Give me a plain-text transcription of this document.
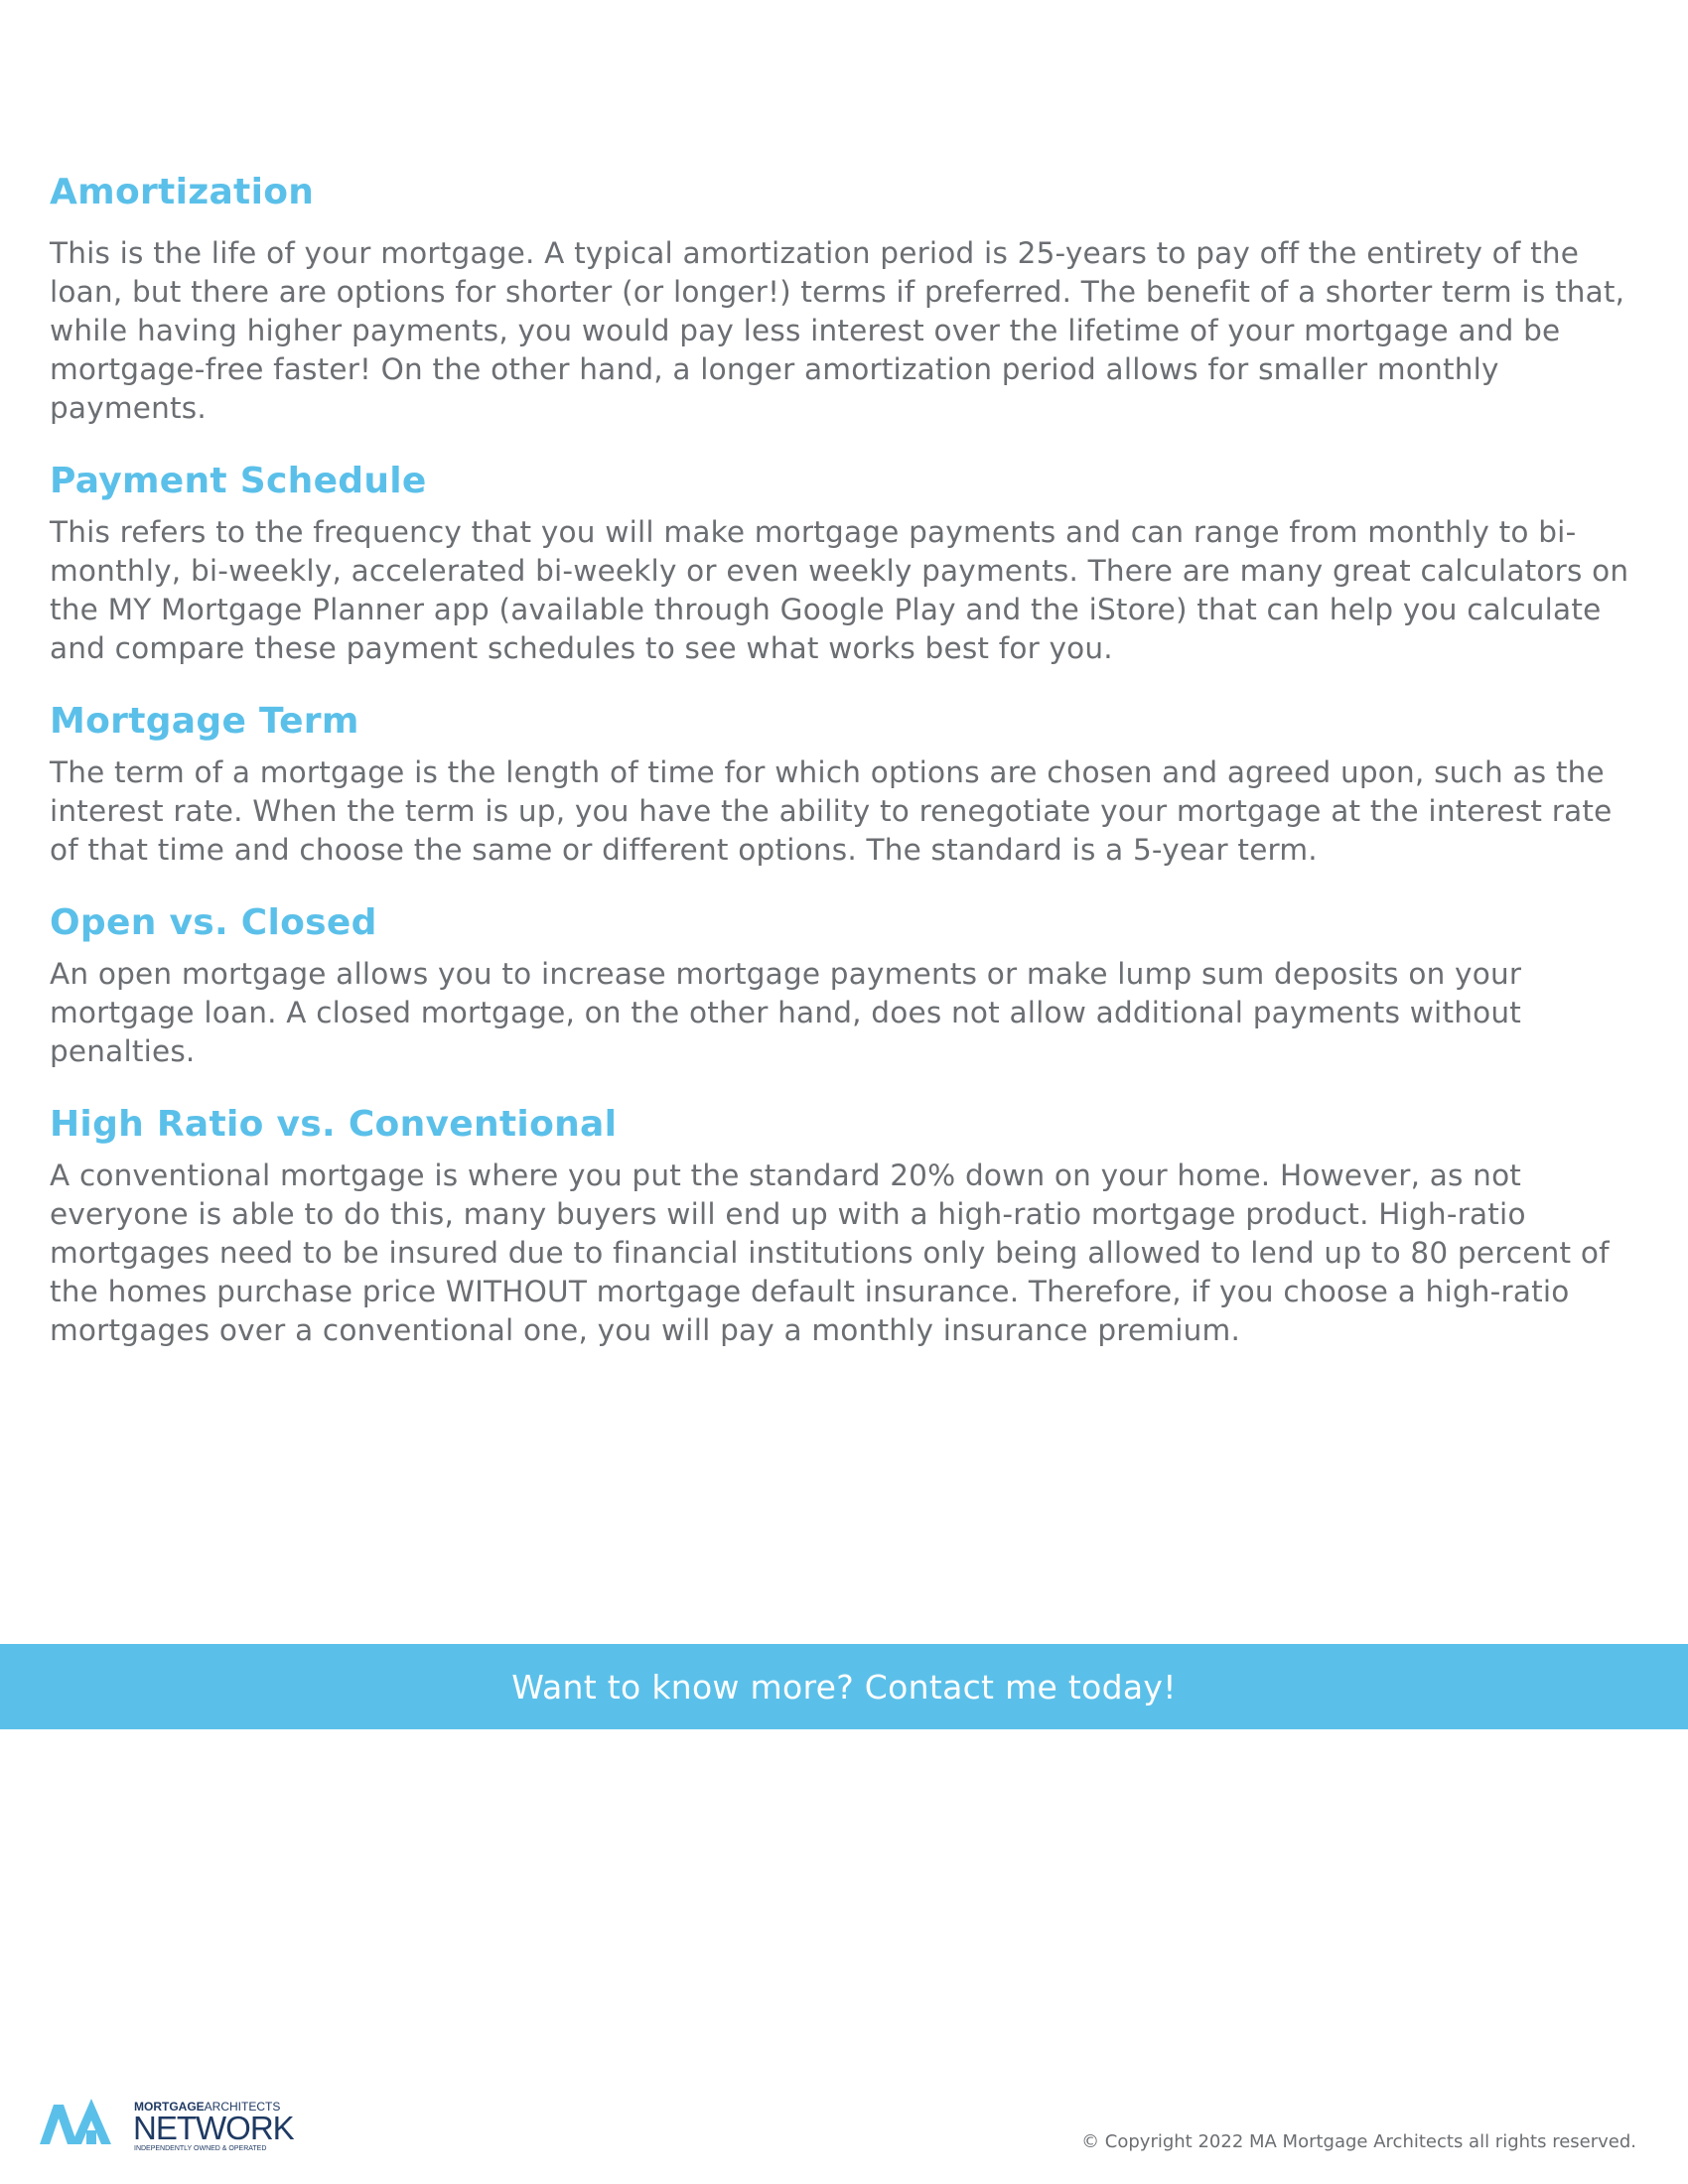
Amortization

This is the life of your mortgage. A typical amortization period is 25-years to pay off the entirety of the loan, but there are options for shorter (or longer!) terms if preferred. The benefit of a shorter term is that, while having higher payments, you would pay less interest over the lifetime of your mortgage and be mortgage-free faster! On the other hand, a longer amortization period allows for smaller monthly payments.

Payment Schedule

This refers to the frequency that you will make mortgage payments and can range from monthly to bi-monthly, bi-weekly, accelerated bi-weekly or even weekly payments. There are many great calculators on the MY Mortgage Planner app (available through Google Play and the iStore) that can help you calculate and compare these payment schedules to see what works best for you.

Mortgage Term

The term of a mortgage is the length of time for which options are chosen and agreed upon, such as the interest rate. When the term is up, you have the ability to renegotiate your mortgage at the interest rate of that time and choose the same or different options. The standard is a 5-year term.

Open vs. Closed

An open mortgage allows you to increase mortgage payments or make lump sum deposits on your mortgage loan. A closed mortgage, on the other hand, does not allow additional payments without penalties.

High Ratio vs. Conventional

A conventional mortgage is where you put the standard 20% down on your home. However, as not everyone is able to do this, many buyers will end up with a high-ratio mortgage product. High-ratio mortgages need to be insured due to financial institutions only being allowed to lend up to 80 percent of the homes purchase price WITHOUT mortgage default insurance. Therefore, if you choose a high-ratio mortgages over a conventional one, you will pay a monthly insurance premium.

Want to know more? Contact me today!
MORTGAGEARCHITECTS
NETWORK
INDEPENDENTLY OWNED & OPERATED	© Copyright 2022 MA Mortgage Architects all rights reserved.
